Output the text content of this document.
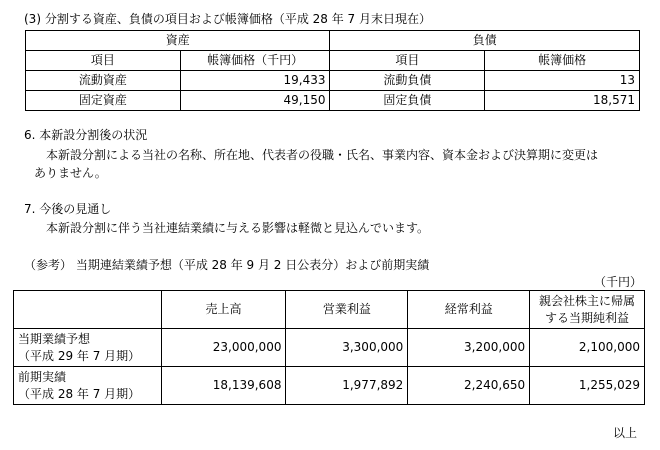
(3) 分割する資産、負債の項目および帳簿価格（平成 28 年 7 月末日現在）
資産		負債	
項目	帳簿価格（千円）	項目	帳簿価格
流動資産	19,433	流動負債	13
固定資産	49,150	固定負債	18,571
6. 本新設分割後の状況
本新設分割による当社の名称、所在地、代表者の役職・氏名、事業内容、資本金および決算期に変更は
ありません。
7. 今後の見通し
本新設分割に伴う当社連結業績に与える影響は軽微と見込んでいます。
（参考） 当期連結業績予想（平成 28 年 9 月 2 日公表分）および前期実績
（千円）
	売上高	営業利益	経常利益	親会社株主に帰属
する当期純利益

当期業績予想
（平成 29 年 7 月期）	23,000,000	3,300,000	3,200,000	2,100,000

前期実績
（平成 28 年 7 月期）	18,139,608	1,977,892	2,240,650	1,255,029
以上
